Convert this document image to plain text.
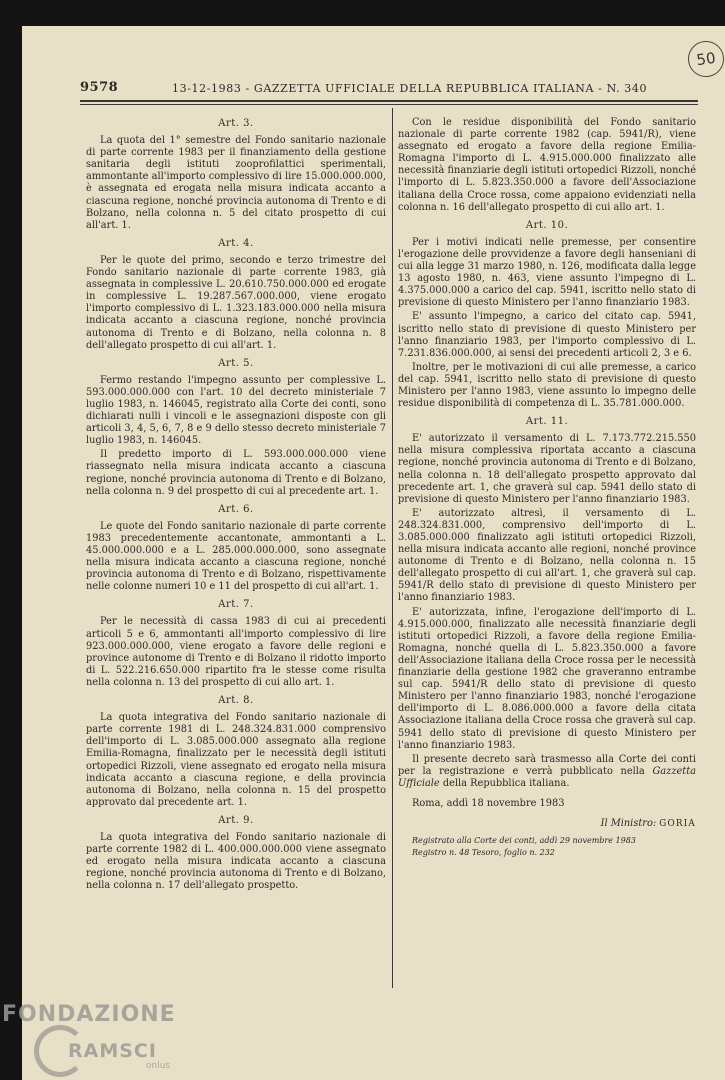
50
9578	13-12-1983 - GAZZETTA UFFICIALE DELLA REPUBBLICA ITALIANA - N. 340
Art. 3.

La quota del 1° semestre del Fondo sanitario nazionale di parte corrente 1983 per il finanziamento della gestione sanitaria degli istituti zooprofilattici sperimentali, ammontante all'importo complessivo di lire 15.000.000.000, è assegnata ed erogata nella misura indicata accanto a ciascuna regione, nonché provincia autonoma di Trento e di Bolzano, nella colonna n. 5 del citato prospetto di cui all'art. 1.

Art. 4.

Per le quote del primo, secondo e terzo trimestre del Fondo sanitario nazionale di parte corrente 1983, già assegnata in complessive L. 20.610.750.000.000 ed erogate in complessive L. 19.287.567.000.000, viene erogato l'importo complessivo di L. 1.323.183.000.000 nella misura indicata accanto a ciascuna regione, nonché provincia autonoma di Trento e di Bolzano, nella colonna n. 8 dell'allegato prospetto di cui all'art. 1.

Art. 5.

Fermo restando l'impegno assunto per complessive L. 593.000.000.000 con l'art. 10 del decreto ministeriale 7 luglio 1983, n. 146045, registrato alla Corte dei conti, sono dichiarati nulli i vincoli e le assegnazioni disposte con gli articoli 3, 4, 5, 6, 7, 8 e 9 dello stesso decreto ministeriale 7 luglio 1983, n. 146045.

Il predetto importo di L. 593.000.000.000 viene riassegnato nella misura indicata accanto a ciascuna regione, nonché provincia autonoma di Trento e di Bolzano, nella colonna n. 9 del prospetto di cui al precedente art. 1.

Art. 6.

Le quote del Fondo sanitario nazionale di parte corrente 1983 precedentemente accantonate, ammontanti a L. 45.000.000.000 e a L. 285.000.000.000, sono assegnate nella misura indicata accanto a ciascuna regione, nonché provincia autonoma di Trento e di Bolzano, rispettivamente nelle colonne numeri 10 e 11 del prospetto di cui all'art. 1.

Art. 7.

Per le necessità di cassa 1983 di cui ai precedenti articoli 5 e 6, ammontanti all'importo complessivo di lire 923.000.000.000, viene erogato a favore delle regioni e province autonome di Trento e di Bolzano il ridotto importo di L. 522.216.650.000 ripartito fra le stesse come risulta nella colonna n. 13 del prospetto di cui allo art. 1.

Art. 8.

La quota integrativa del Fondo sanitario nazionale di parte corrente 1981 di L. 248.324.831.000 comprensivo dell'importo di L. 3.085.000.000 assegnato alla regione Emilia-Romagna, finalizzato per le necessità degli istituti ortopedici Rizzoli, viene assegnato ed erogato nella misura indicata accanto a ciascuna regione, e della provincia autonoma di Bolzano, nella colonna n. 15 del prospetto approvato dal precedente art. 1.

Art. 9.

La quota integrativa del Fondo sanitario nazionale di parte corrente 1982 di L. 400.000.000.000 viene assegnato ed erogato nella misura indicata accanto a ciascuna regione, nonché provincia autonoma di Trento e di Bolzano, nella colonna n. 17 dell'allegato prospetto.

Con le residue disponibilità del Fondo sanitario nazionale di parte corrente 1982 (cap. 5941/R), viene assegnato ed erogato a favore della regione Emilia-Romagna l'importo di L. 4.915.000.000 finalizzato alle necessità finanziarie degli istituti ortopedici Rizzoli, nonché l'importo di L. 5.823.350.000 a favore dell'Associazione italiana della Croce rossa, come appaiono evidenziati nella colonna n. 16 dell'allegato prospetto di cui allo art. 1.

Art. 10.

Per i motivi indicati nelle premesse, per consentire l'erogazione delle provvidenze a favore degli hanseniani di cui alla legge 31 marzo 1980, n. 126, modificata dalla legge 13 agosto 1980, n. 463, viene assunto l'impegno di L. 4.375.000.000 a carico del cap. 5941, iscritto nello stato di previsione di questo Ministero per l'anno finanziario 1983.

E' assunto l'impegno, a carico del citato cap. 5941, iscritto nello stato di previsione di questo Ministero per l'anno finanziario 1983, per l'importo complessivo di L. 7.231.836.000.000, ai sensi dei precedenti articoli 2, 3 e 6.

Inoltre, per le motivazioni di cui alle premesse, a carico del cap. 5941, iscritto nello stato di previsione di questo Ministero per l'anno 1983, viene assunto lo impegno delle residue disponibilità di competenza di L. 35.781.000.000.

Art. 11.

E' autorizzato il versamento di L. 7.173.772.215.550 nella misura complessiva riportata accanto a ciascuna regione, nonché provincia autonoma di Trento e di Bolzano, nella colonna n. 18 dell'allegato prospetto approvato dal precedente art. 1, che graverà sul cap. 5941 dello stato di previsione di questo Ministero per l'anno finanziario 1983.

E' autorizzato altresì, il versamento di L. 248.324.831.000, comprensivo dell'importo di L. 3.085.000.000 finalizzato agli istituti ortopedici Rizzoli, nella misura indicata accanto alle regioni, nonché province autonome di Trento e di Bolzano, nella colonna n. 15 dell'allegato prospetto di cui all'art. 1, che graverà sul cap. 5941/R dello stato di previsione di questo Ministero per l'anno finanziario 1983.

E' autorizzata, infine, l'erogazione dell'importo di L. 4.915.000.000, finalizzato alle necessità finanziarie degli istituti ortopedici Rizzoli, a favore della regione Emilia-Romagna, nonché quella di L. 5.823.350.000 a favore dell'Associazione italiana della Croce rossa per le necessità finanziarie della gestione 1982 che graveranno entrambe sul cap. 5941/R dello stato di previsione di questo Ministero per l'anno finanziario 1983, nonché l'erogazione dell'importo di L. 8.086.000.000 a favore della citata Associazione italiana della Croce rossa che graverà sul cap. 5941 dello stato di previsione di questo Ministero per l'anno finanziario 1983.

Il presente decreto sarà trasmesso alla Corte dei conti per la registrazione e verrà pubblicato nella Gazzetta Ufficiale della Repubblica italiana.

Roma, addì 18 novembre 1983

Il Ministro: GORIA

Registrato alla Corte dei conti, addì 29 novembre 1983

Registro n. 48 Tesoro, foglio n. 232

FONDAZIONE
RAMSCI
onlus
